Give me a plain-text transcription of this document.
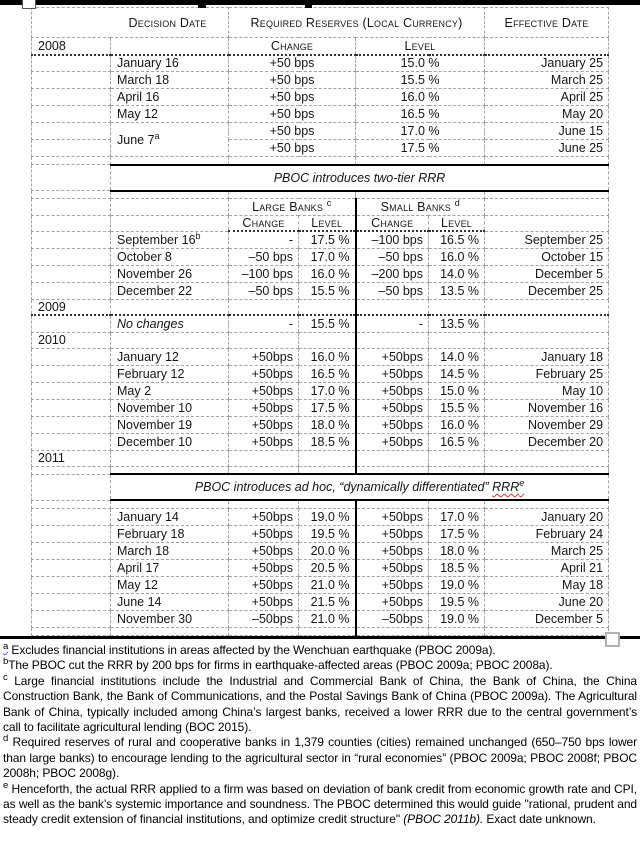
Decision Date		Required Reserves (Local Currency)				Effective Date
2008		Change		Level		
	January 16	+50 bps		15.0 %		January 25
	March 18	+50 bps		15.5 %		March 25
	April 16	+50 bps		16.0 %		April 25
	May 12	+50 bps		16.5 %		May 20
	June $7^a$	+50 bps		17.0 %		June 15
		+50 bps		17.5 %		June 25

	PBOC introduces two-tier RRR					

		Large Banks $^c$		Small Banks $^d$	
		Change	Level	Change	Level	
	September 16$^b$	-	17.5 %	–100 bps	16.5 %	September 25
	October 8	–50 bps	17.0 %	–50 bps	16.0 %	October 15
	November 26	–100 bps	16.0 %	–200 bps	14.0 %	December 5
	December 22	–50 bps	15.5 %	–50 bps	13.5 %	December 25
2009						
	No changes	-	15.5 %	-	13.5 %	
2010						
	January 12	+50bps	16.0 %	+50bps	14.0 %	January 18
	February 12	+50bps	16.5 %	+50bps	14.5 %	February 25
	May 2	+50bps	17.0 %	+50bps	15.0 %	May 10
	November 10	+50bps	17.5 %	+50bps	15.5 %	November 16
	November 19	+50bps	18.0 %	+50bps	16.0 %	November 29
	December 10	+50bps	18.5 %	+50bps	16.5 %	December 20
2011						

	PBOC introduces ad hoc, “dynamically differentiated” RRR$^e$

	January 14	+50bps	19.0 %	+50bps	17.0 %	January 20
	February 18	+50bps	19.5 %	+50bps	17.5 %	February 24
	March 18	+50bps	20.0 %	+50bps	18.0 %	March 25
	April 17	+50bps	20.5 %	+50bps	18.5 %	April 21
	May 12	+50bps	21.0 %	+50bps	19.0 %	May 18
	June 14	+50bps	21.5 %	+50bps	19.5 %	June 20
	November 30	–50bps	21.0 %	–50bps	19.0 %	December 5

$^a$ Excludes financial institutions in areas affected by the Wenchuan earthquake (PBOC 2009a).
$^b$The PBOC cut the RRR by 200 bps for firms in earthquake-affected areas (PBOC 2009a; PBOC 2008a).
$^c$ Large financial institutions include the Industrial and Commercial Bank of China, the Bank of China, the China Construction Bank, the Bank of Communications, and the Postal Savings Bank of China (PBOC 2009a). The Agricultural Bank of China, typically included among China’s largest banks, received a lower RRR due to the central government’s call to facilitate agricultural lending (BOC 2015).
$^d$ Required reserves of rural and cooperative banks in 1,379 counties (cities) remained unchanged (650–750 bps lower than large banks) to encourage lending to the agricultural sector in “rural economies” (PBOC 2009a; PBOC 2008f; PBOC 2008h; PBOC 2008g).
$^e$ Henceforth, the actual RRR applied to a firm was based on deviation of bank credit from economic growth rate and CPI, as well as the bank’s systemic importance and soundness. The PBOC determined this would guide "rational, prudent and steady credit extension of financial institutions, and optimize credit structure" (PBOC 2011b). Exact date unknown.
